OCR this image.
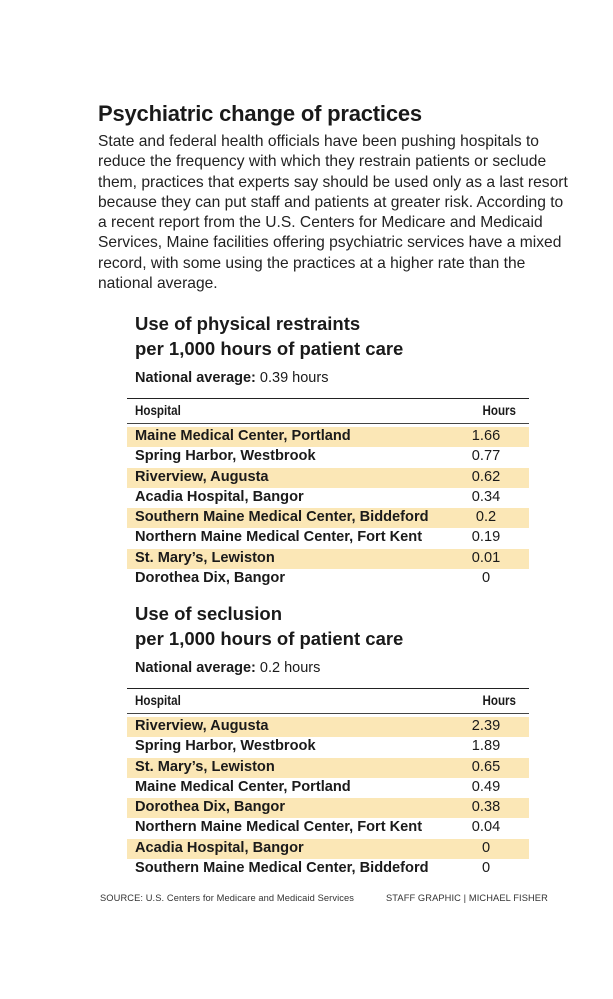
Psychiatric change of practices

State and federal health officials have been pushing hospitals to reduce the frequency with which they restrain patients or seclude them, practices that experts say should be used only as a last resort because they can put staff and patients at greater risk. According to a recent report from the U.S. Centers for Medicare and Medicaid Services, Maine facilities offering psychiatric services have a mixed record, with some using the practices at a higher rate than the national average.

Use of physical restraints
per 1,000 hours of patient care

National average: 0.39 hours

Hospital	Hours
Maine Medical Center, Portland	1.66
Spring Harbor, Westbrook	0.77
Riverview, Augusta	0.62
Acadia Hospital, Bangor	0.34
Southern Maine Medical Center, Biddeford	0.2
Northern Maine Medical Center, Fort Kent	0.19
St. Mary’s, Lewiston	0.01
Dorothea Dix, Bangor	0
Use of seclusion
per 1,000 hours of patient care

National average: 0.2 hours

Hospital	Hours
Riverview, Augusta	2.39
Spring Harbor, Westbrook	1.89
St. Mary’s, Lewiston	0.65
Maine Medical Center, Portland	0.49
Dorothea Dix, Bangor	0.38
Northern Maine Medical Center, Fort Kent	0.04
Acadia Hospital, Bangor	0
Southern Maine Medical Center, Biddeford	0
SOURCE: U.S. Centers for Medicare and Medicaid Services	STAFF GRAPHIC | MICHAEL FISHER
